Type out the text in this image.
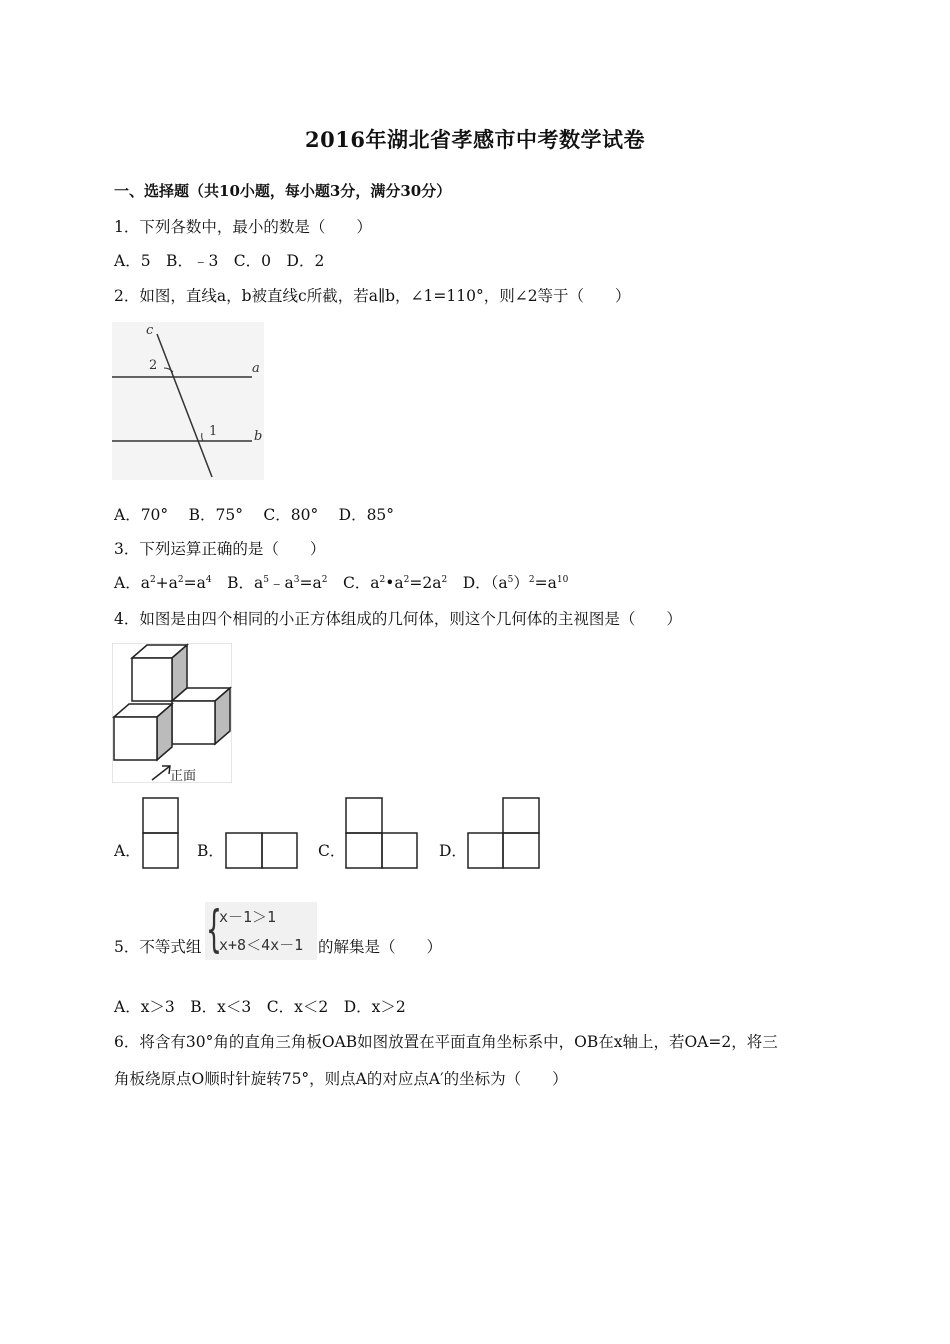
2016年湖北省孝感市中考数学试卷
一、选择题（共10小题，每小题3分，满分30分）
1．下列各数中，最小的数是（　　）
A．5　B．﹣3　C．0　D．2
2．如图，直线a，b被直线c所截，若a∥b，∠1=110°，则∠2等于（　　）
c
2	a
1	b
A．70°　 B．75°　 C．80°　 D．85°
3．下列运算正确的是（　　）
A．$a^2+a^2=a^4$　B．$a^5﹣a^3=a^2$　C．$a^2•a^2=2a^2$　D．$(a^5)^2=a^{10}$
4．如图是由四个相同的小正方体组成的几何体，则这个几何体的主视图是（　　）
正面
A．	B．	C．	D．
5．不等式组 {
x－1＞1
x+8＜4x－1 的解集是（　　）
A．x＞3　B．x＜3　C．x＜2　D．x＞2
6．将含有30°角的直角三角板OAB如图放置在平面直角坐标系中，OB在x轴上，若OA=2，将三
角板绕原点O顺时针旋转75°，则点A的对应点A′的坐标为（　　）
